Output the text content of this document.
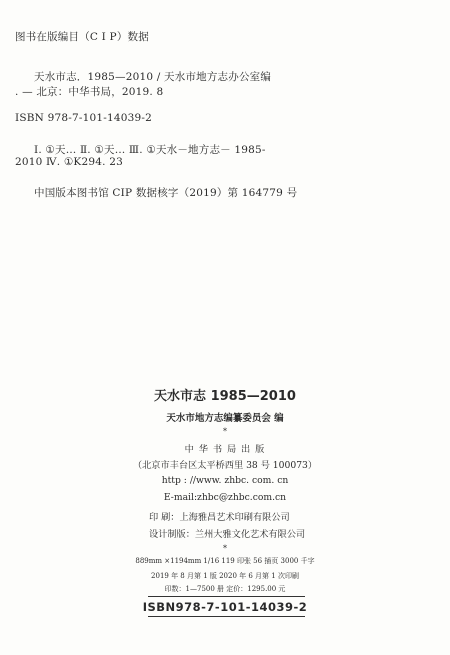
图书在版编目（C I P）数据
天水市志．1985—2010 / 天水市地方志办公室编
. — 北京：中华书局，2019. 8
ISBN 978-7-101-14039-2
Ⅰ. ①天… Ⅱ. ①天… Ⅲ. ①天水－地方志－ 1985-
2010 Ⅳ. ①K294. 23
中国版本图书馆 CIP 数据核字（2019）第 164779 号
天水市志 1985—2010
天水市地方志编纂委员会 编
*
中 华 书 局 出 版
（北京市丰台区太平桥西里 38 号 100073）
http : //www. zhbc. com. cn
E-mail:zhbc@zhbc.com.cn
印 刷：上海雅昌艺术印刷有限公司
设计制版：兰州大雅文化艺术有限公司
*
889mm ×1194mm 1/16 119 印张 56 插页 3000 千字
2019 年 8 月第 1 版 2020 年 6 月第 1 次印刷
印数：1—7500 册 定价：1295.00 元
ISBN978-7-101-14039-2
